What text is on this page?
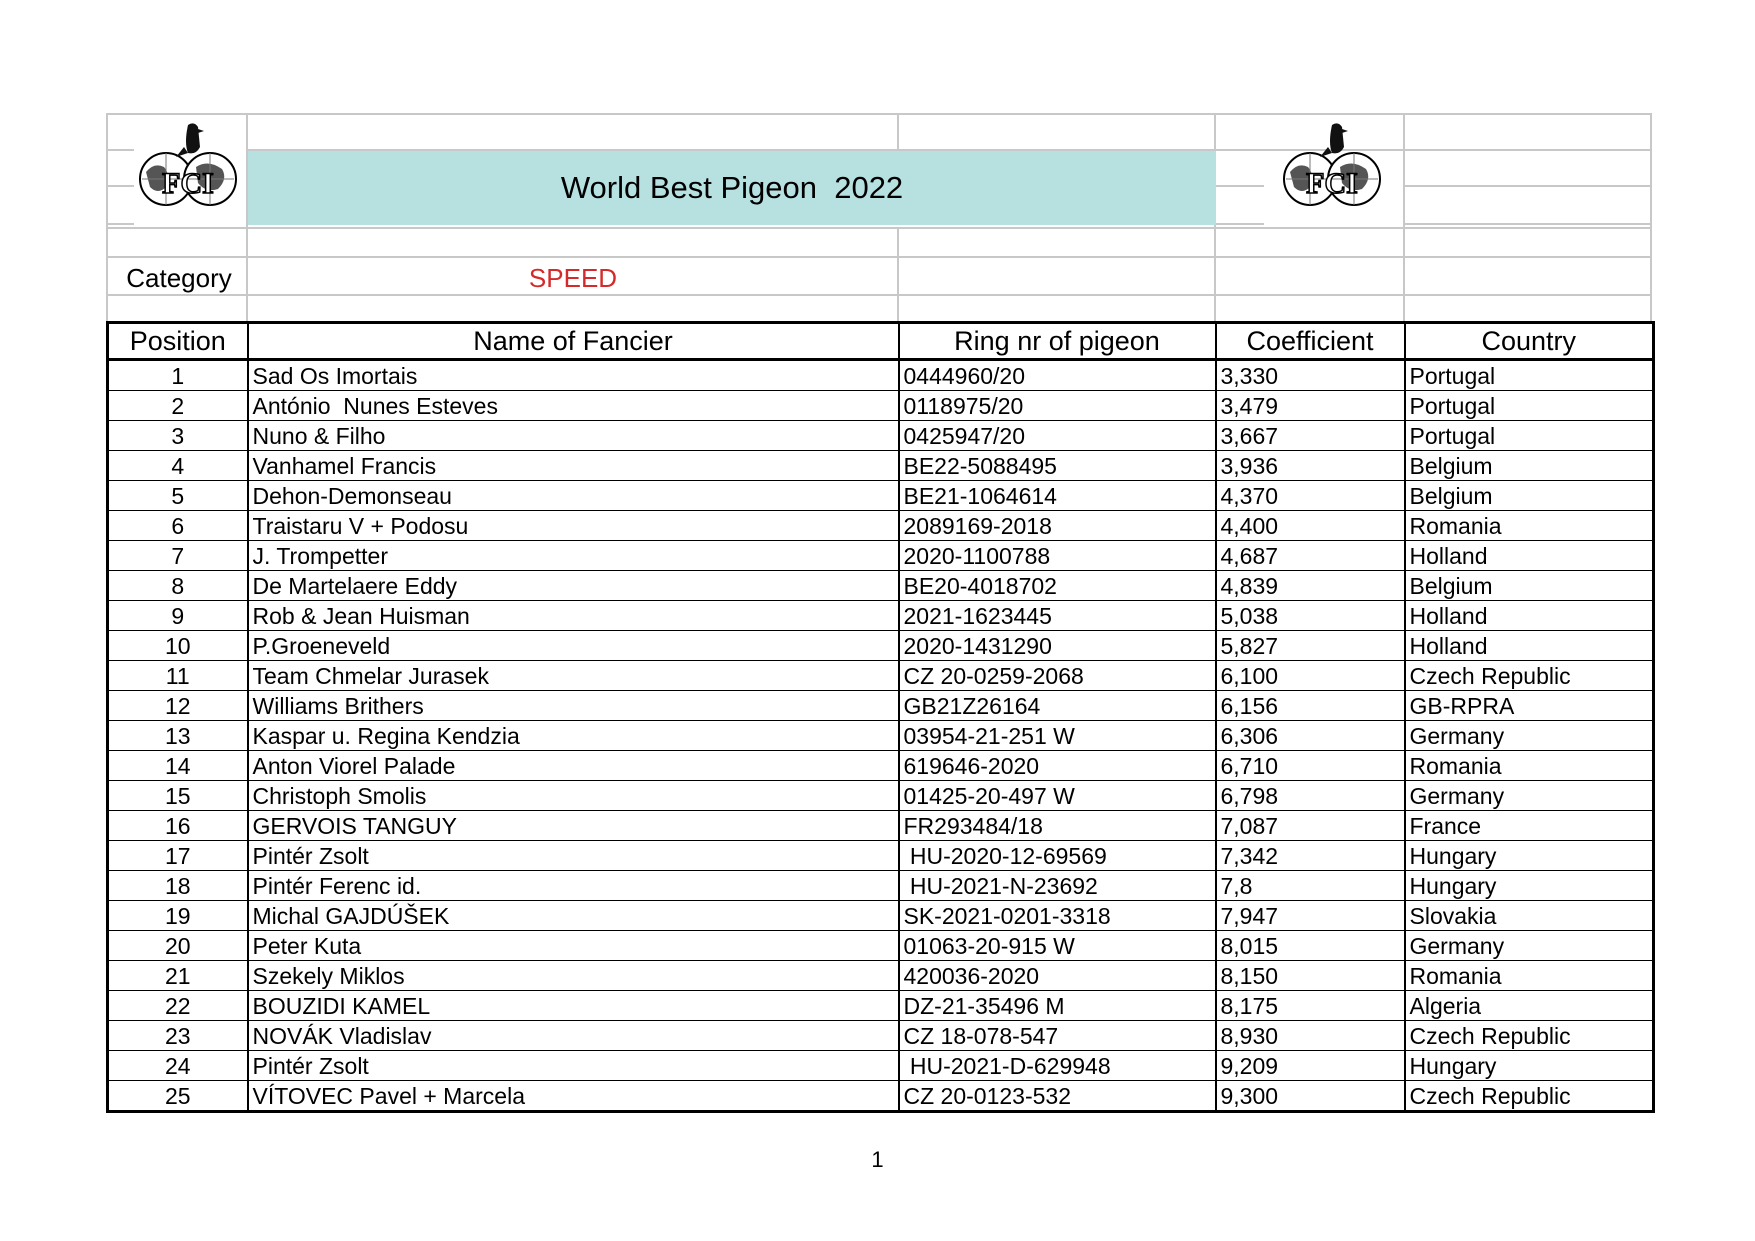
World Best Pigeon  2022
FCI	FCI
Category	SPEED
Position	Name of Fancier	Ring nr of pigeon	Coefficient	Country
1	Sad Os Imortais	0444960/20	3,330	Portugal
2	António  Nunes Esteves	0118975/20	3,479	Portugal
3	Nuno & Filho	0425947/20	3,667	Portugal
4	Vanhamel Francis	BE22-5088495	3,936	Belgium
5	Dehon-Demonseau	BE21-1064614	4,370	Belgium
6	Traistaru V + Podosu	2089169-2018	4,400	Romania
7	J. Trompetter	2020-1100788	4,687	Holland
8	De Martelaere Eddy	BE20-4018702	4,839	Belgium
9	Rob & Jean Huisman	2021-1623445	5,038	Holland
10	P.Groeneveld	2020-1431290	5,827	Holland
11	Team Chmelar Jurasek	CZ 20-0259-2068	6,100	Czech Republic
12	Williams Brithers	GB21Z26164	6,156	GB-RPRA
13	Kaspar u. Regina Kendzia	03954-21-251 W	6,306	Germany
14	Anton Viorel Palade	619646-2020	6,710	Romania
15	Christoph Smolis	01425-20-497 W	6,798	Germany
16	GERVOIS TANGUY	FR293484/18	7,087	France
17	Pintér Zsolt	HU-2020-12-69569	7,342	Hungary
18	Pintér Ferenc id.	HU-2021-N-23692	7,8	Hungary
19	Michal GAJDÚŠEK	SK-2021-0201-3318	7,947	Slovakia
20	Peter Kuta	01063-20-915 W	8,015	Germany
21	Szekely Miklos	420036-2020	8,150	Romania
22	BOUZIDI KAMEL	DZ-21-35496 M	8,175	Algeria
23	NOVÁK Vladislav	CZ 18-078-547	8,930	Czech Republic
24	Pintér Zsolt	HU-2021-D-629948	9,209	Hungary
25	VÍTOVEC Pavel + Marcela	CZ 20-0123-532	9,300	Czech Republic
1
